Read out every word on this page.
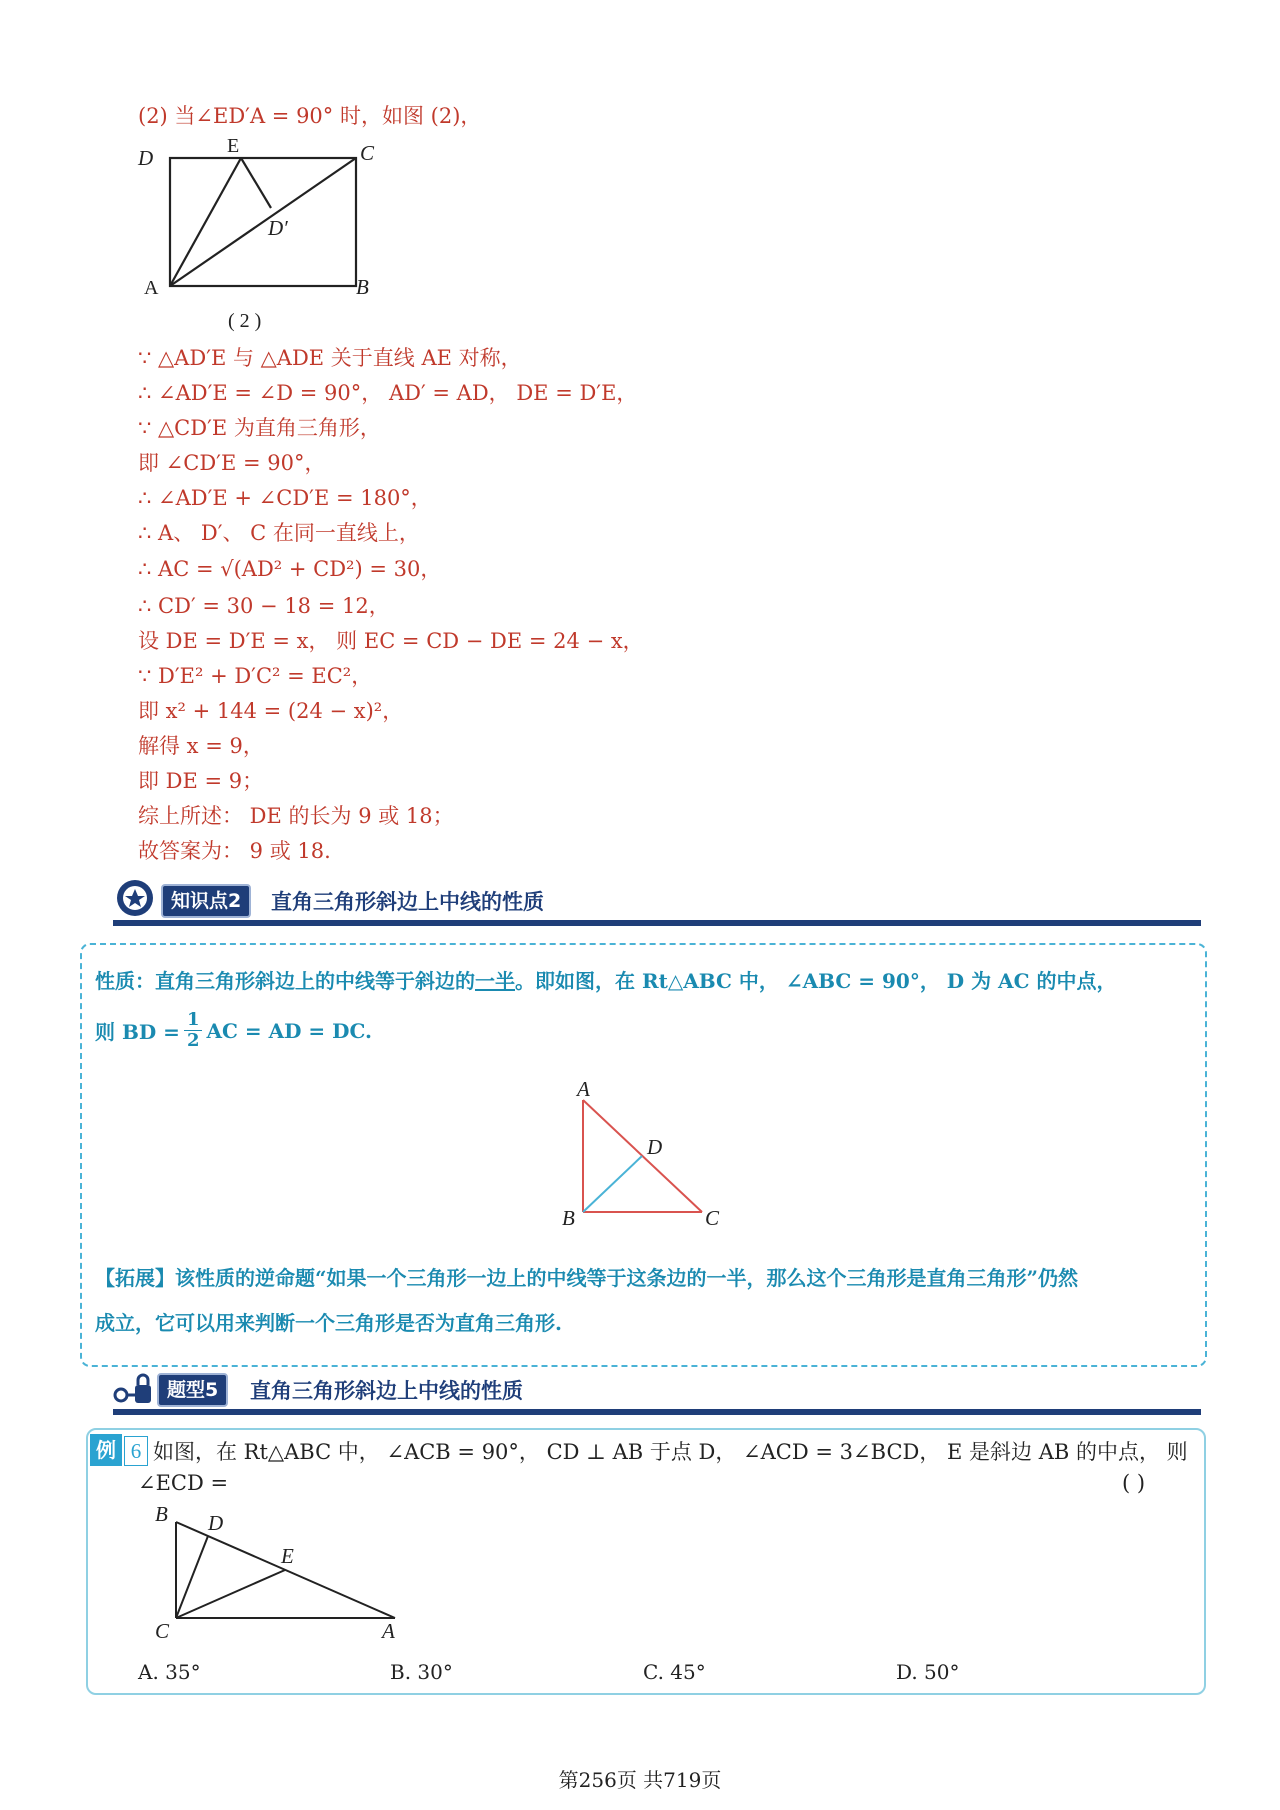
(2) 当∠ED′A = 90° 时，如图 (2)，
D	E	C
D′
A	B
( 2 )
∵ △AD′E 与 △ADE 关于直线 AE 对称，
∴ ∠AD′E = ∠D = 90°， AD′ = AD， DE = D′E，
∵ △CD′E 为直角三角形，
即 ∠CD′E = 90°，
∴ ∠AD′E + ∠CD′E = 180°，
∴ A、 D′、 C 在同一直线上，
∴ AC = √(AD² + CD²) = 30，
∴ CD′ = 30 − 18 = 12，
设 DE = D′E = x， 则 EC = CD − DE = 24 − x，
∵ D′E² + D′C² = EC²，
即 x² + 144 = (24 − x)²，
解得 x = 9，
即 DE = 9；
综上所述： DE 的长为 9 或 18；
故答案为： 9 或 18.
知识点2	直角三角形斜边上中线的性质
性质：直角三角形斜边上的中线等于斜边的一半。即如图，在 Rt△ABC 中， ∠ABC = 90°， D 为 AC 的中点，
则 BD = $\frac{1}{2}$ AC = AD = DC.
A
D
B	C
【拓展】该性质的逆命题“如果一个三角形一边上的中线等于这条边的一半，那么这个三角形是直角三角形”仍然
成立，它可以用来判断一个三角形是否为直角三角形.
题型5	直角三角形斜边上中线的性质
例 6 如图，在 Rt△ABC 中， ∠ACB = 90°， CD ⊥ AB 于点 D， ∠ACD = 3∠BCD， E 是斜边 AB 的中点， 则
∠ECD =	( )
B D
E
C	A
A. 35°	B. 30°	C. 45°	D. 50°
第256页 共719页
